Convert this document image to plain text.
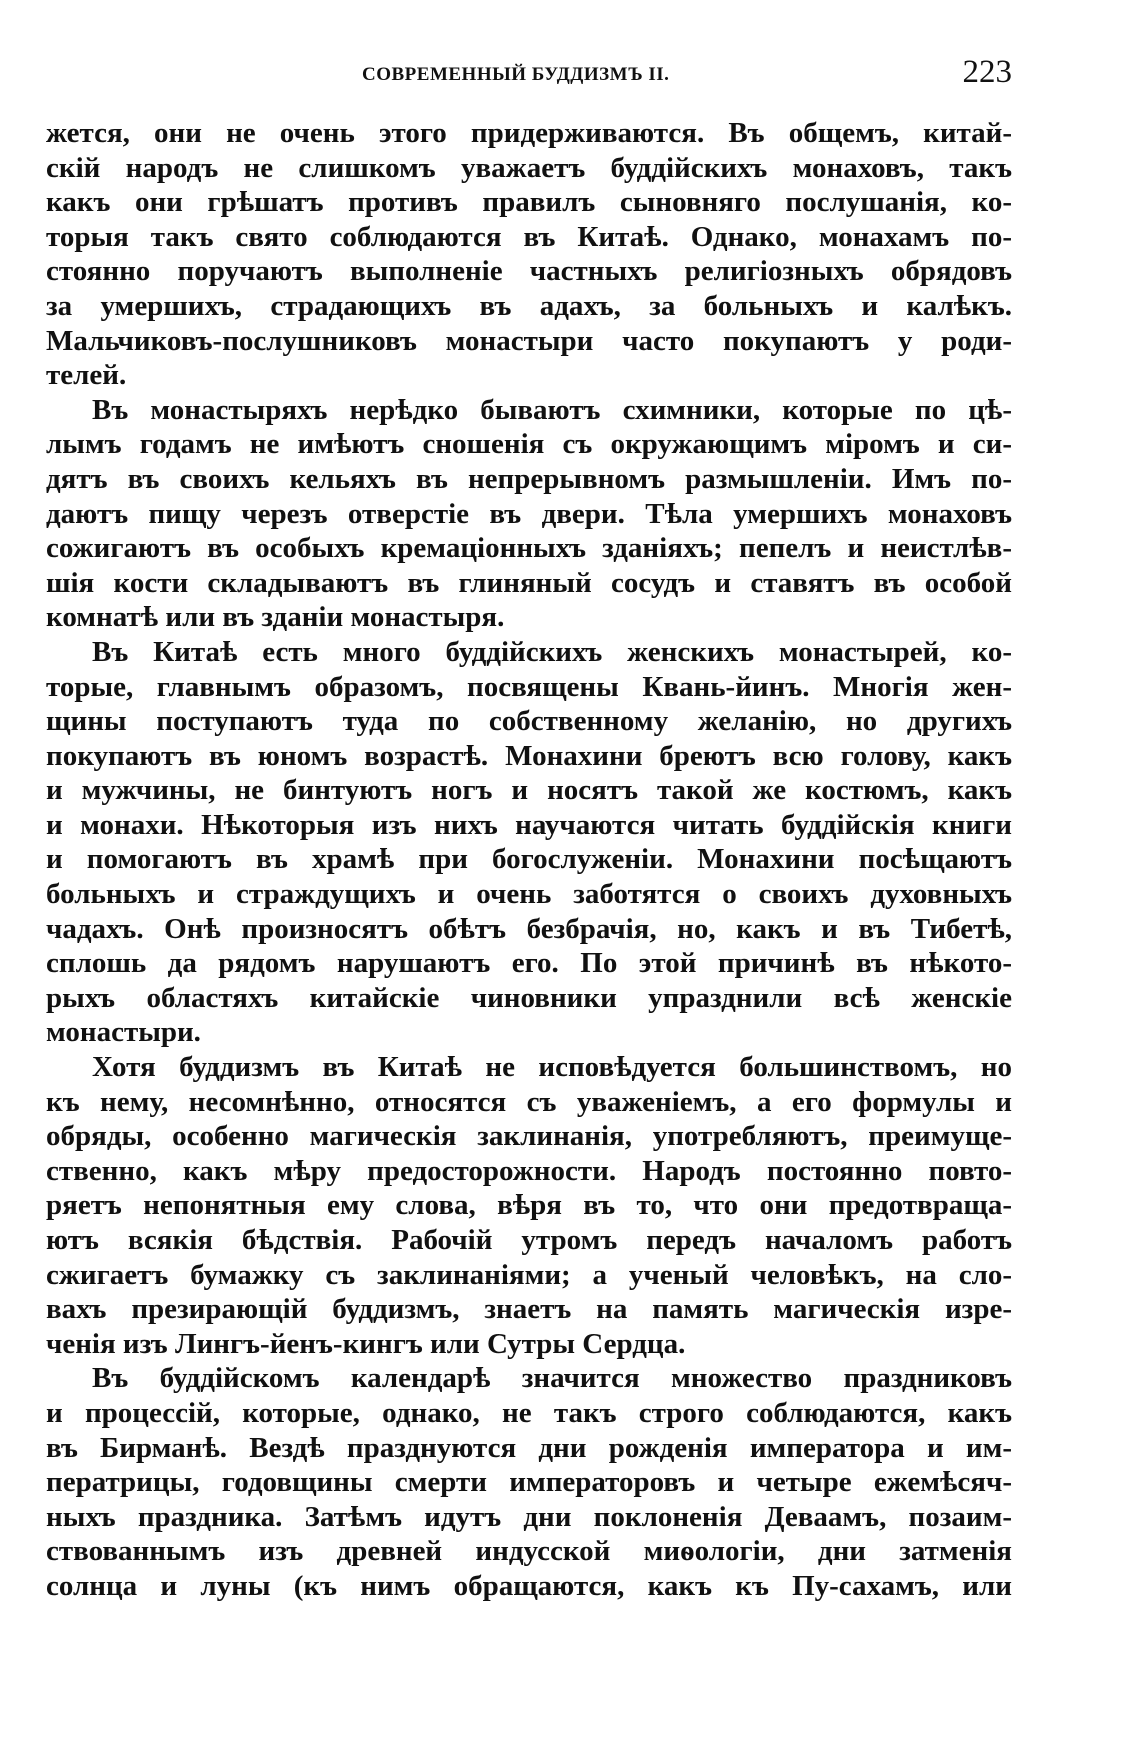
СОВРЕМЕННЫЙ БУДДИЗМЪ II.	223
жется, они не очень этого придерживаются. Въ общемъ, китай-
скій народъ не слишкомъ уважаетъ буддійскихъ монаховъ, такъ
какъ они грѣшатъ противъ правилъ сыновняго послушанія, ко-
торыя такъ свято соблюдаются въ Китаѣ. Однако, монахамъ по-
стоянно поручаютъ выполненіе частныхъ религіозныхъ обрядовъ
за умершихъ, страдающихъ въ адахъ, за больныхъ и калѣкъ.
Мальчиковъ-послушниковъ монастыри часто покупаютъ у роди-
телей.
Въ монастыряхъ нерѣдко бываютъ схимники, которые по цѣ-
лымъ годамъ не имѣютъ сношенія съ окружающимъ міромъ и си-
дятъ въ своихъ кельяхъ въ непрерывномъ размышленіи. Имъ по-
даютъ пищу черезъ отверстіе въ двери. Тѣла умершихъ монаховъ
сожигаютъ въ особыхъ кремаціонныхъ зданіяхъ; пепелъ и неистлѣв-
шія кости складываютъ въ глиняный сосудъ и ставятъ въ особой
комнатѣ или въ зданіи монастыря.
Въ Китаѣ есть много буддійскихъ женскихъ монастырей, ко-
торые, главнымъ образомъ, посвящены Квань-йинъ. Многія жен-
щины поступаютъ туда по собственному желанію, но другихъ
покупаютъ въ юномъ возрастѣ. Монахини бреютъ всю голову, какъ
и мужчины, не бинтуютъ ногъ и носятъ такой же костюмъ, какъ
и монахи. Нѣкоторыя изъ нихъ научаются читать буддійскія книги
и помогаютъ въ храмѣ при богослуженіи. Монахини посѣщаютъ
больныхъ и страждущихъ и очень заботятся о своихъ духовныхъ
чадахъ. Онѣ произносятъ обѣтъ безбрачія, но, какъ и въ Тибетѣ,
сплошь да рядомъ нарушаютъ его. По этой причинѣ въ нѣкото-
рыхъ областяхъ китайскіе чиновники упразднили всѣ женскіе
монастыри.
Хотя буддизмъ въ Китаѣ не исповѣдуется большинствомъ, но
къ нему, несомнѣнно, относятся съ уваженіемъ, а его формулы и
обряды, особенно магическія заклинанія, употребляютъ, преимуще-
ственно, какъ мѣру предосторожности. Народъ постоянно повто-
ряетъ непонятныя ему слова, вѣря въ то, что они предотвраща-
ютъ всякія бѣдствія. Рабочій утромъ передъ началомъ работъ
сжигаетъ бумажку съ заклинаніями; а ученый человѣкъ, на сло-
вахъ презирающій буддизмъ, знаетъ на память магическія изре-
ченія изъ Лингъ-йенъ-кингъ или Сутры Сердца.
Въ буддійскомъ календарѣ значится множество праздниковъ
и процессій, которые, однако, не такъ строго соблюдаются, какъ
въ Бирманѣ. Вездѣ празднуются дни рожденія императора и им-
ператрицы, годовщины смерти императоровъ и четыре ежемѣсяч-
ныхъ праздника. Затѣмъ идутъ дни поклоненія Деваамъ, позаим-
ствованнымъ изъ древней индусской миѳологіи, дни затменія
солнца и луны (къ нимъ обращаются, какъ къ Пу-сахамъ, или
